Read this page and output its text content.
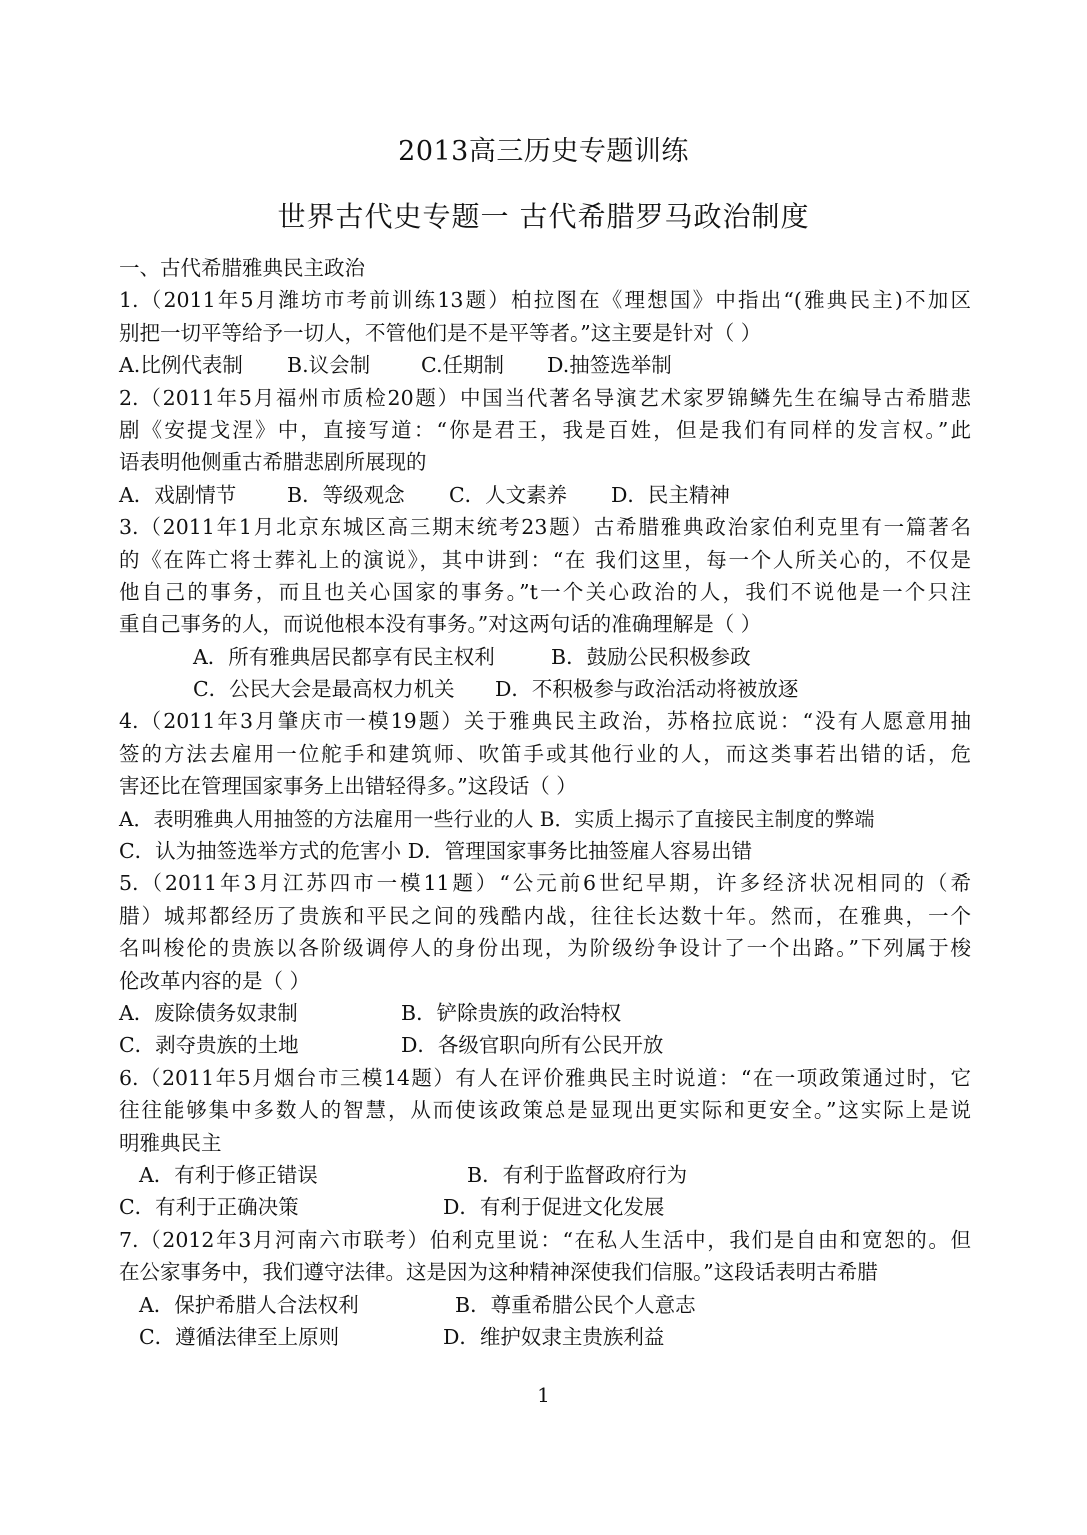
2013高三历史专题训练
世界古代史专题一 古代希腊罗马政治制度
一、古代希腊雅典民主政治
1.（2011年5月潍坊市考前训练13题）柏拉图在《理想国》中指出“(雅典民主)不加区
别把一切平等给予一切人，不管他们是不是平等者。”这主要是针对（ ）
A.比例代表制	B.议会制	C.任期制	D.抽签选举制
2.（2011年5月福州市质检20题）中国当代著名导演艺术家罗锦鳞先生在编导古希腊悲
剧《安提戈涅》中，直接写道：“你是君王，我是百姓，但是我们有同样的发言权。”此
语表明他侧重古希腊悲剧所展现的
A．戏剧情节	B．等级观念	C．人文素养	D．民主精神
3.（2011年1月北京东城区高三期末统考23题）古希腊雅典政治家伯利克里有一篇著名
的《在阵亡将士葬礼上的演说》，其中讲到：“在 我们这里，每一个人所关心的，不仅是
他自己的事务，而且也关心国家的事务。”t一个关心政治的人，我们不说他是一个只注
重自己事务的人，而说他根本没有事务。”对这两句话的准确理解是（ ）
A．所有雅典居民都享有民主权利	B．鼓励公民积极参政
C．公民大会是最高权力机关	D．不积极参与政治活动将被放逐
4.（2011年3月肇庆市一模19题）关于雅典民主政治，苏格拉底说：“没有人愿意用抽
签的方法去雇用一位舵手和建筑师、吹笛手或其他行业的人，而这类事若出错的话，危
害还比在管理国家事务上出错轻得多。”这段话（ ）
A．表明雅典人用抽签的方法雇用一些行业的人 B．实质上揭示了直接民主制度的弊端
C．认为抽签选举方式的危害小 D．管理国家事务比抽签雇人容易出错
5.（2011年3月江苏四市一模11题）“公元前6世纪早期，许多经济状况相同的（希
腊）城邦都经历了贵族和平民之间的残酷内战，往往长达数十年。然而，在雅典，一个
名叫梭伦的贵族以各阶级调停人的身份出现，为阶级纷争设计了一个出路。”下列属于梭
伦改革内容的是（ ）
A．废除债务奴隶制	B．铲除贵族的政治特权
C．剥夺贵族的土地	D．各级官职向所有公民开放
6.（2011年5月烟台市三模14题）有人在评价雅典民主时说道：“在一项政策通过时，它
往往能够集中多数人的智慧，从而使该政策总是显现出更实际和更安全。”这实际上是说
明雅典民主
A．有利于修正错误	B．有利于监督政府行为
C．有利于正确决策	D．有利于促进文化发展
7.（2012年3月河南六市联考）伯利克里说：“在私人生活中，我们是自由和宽恕的。但
在公家事务中，我们遵守法律。这是因为这种精神深使我们信服。”这段话表明古希腊
A．保护希腊人合法权利	B．尊重希腊公民个人意志
C．遵循法律至上原则	D．维护奴隶主贵族利益
1
